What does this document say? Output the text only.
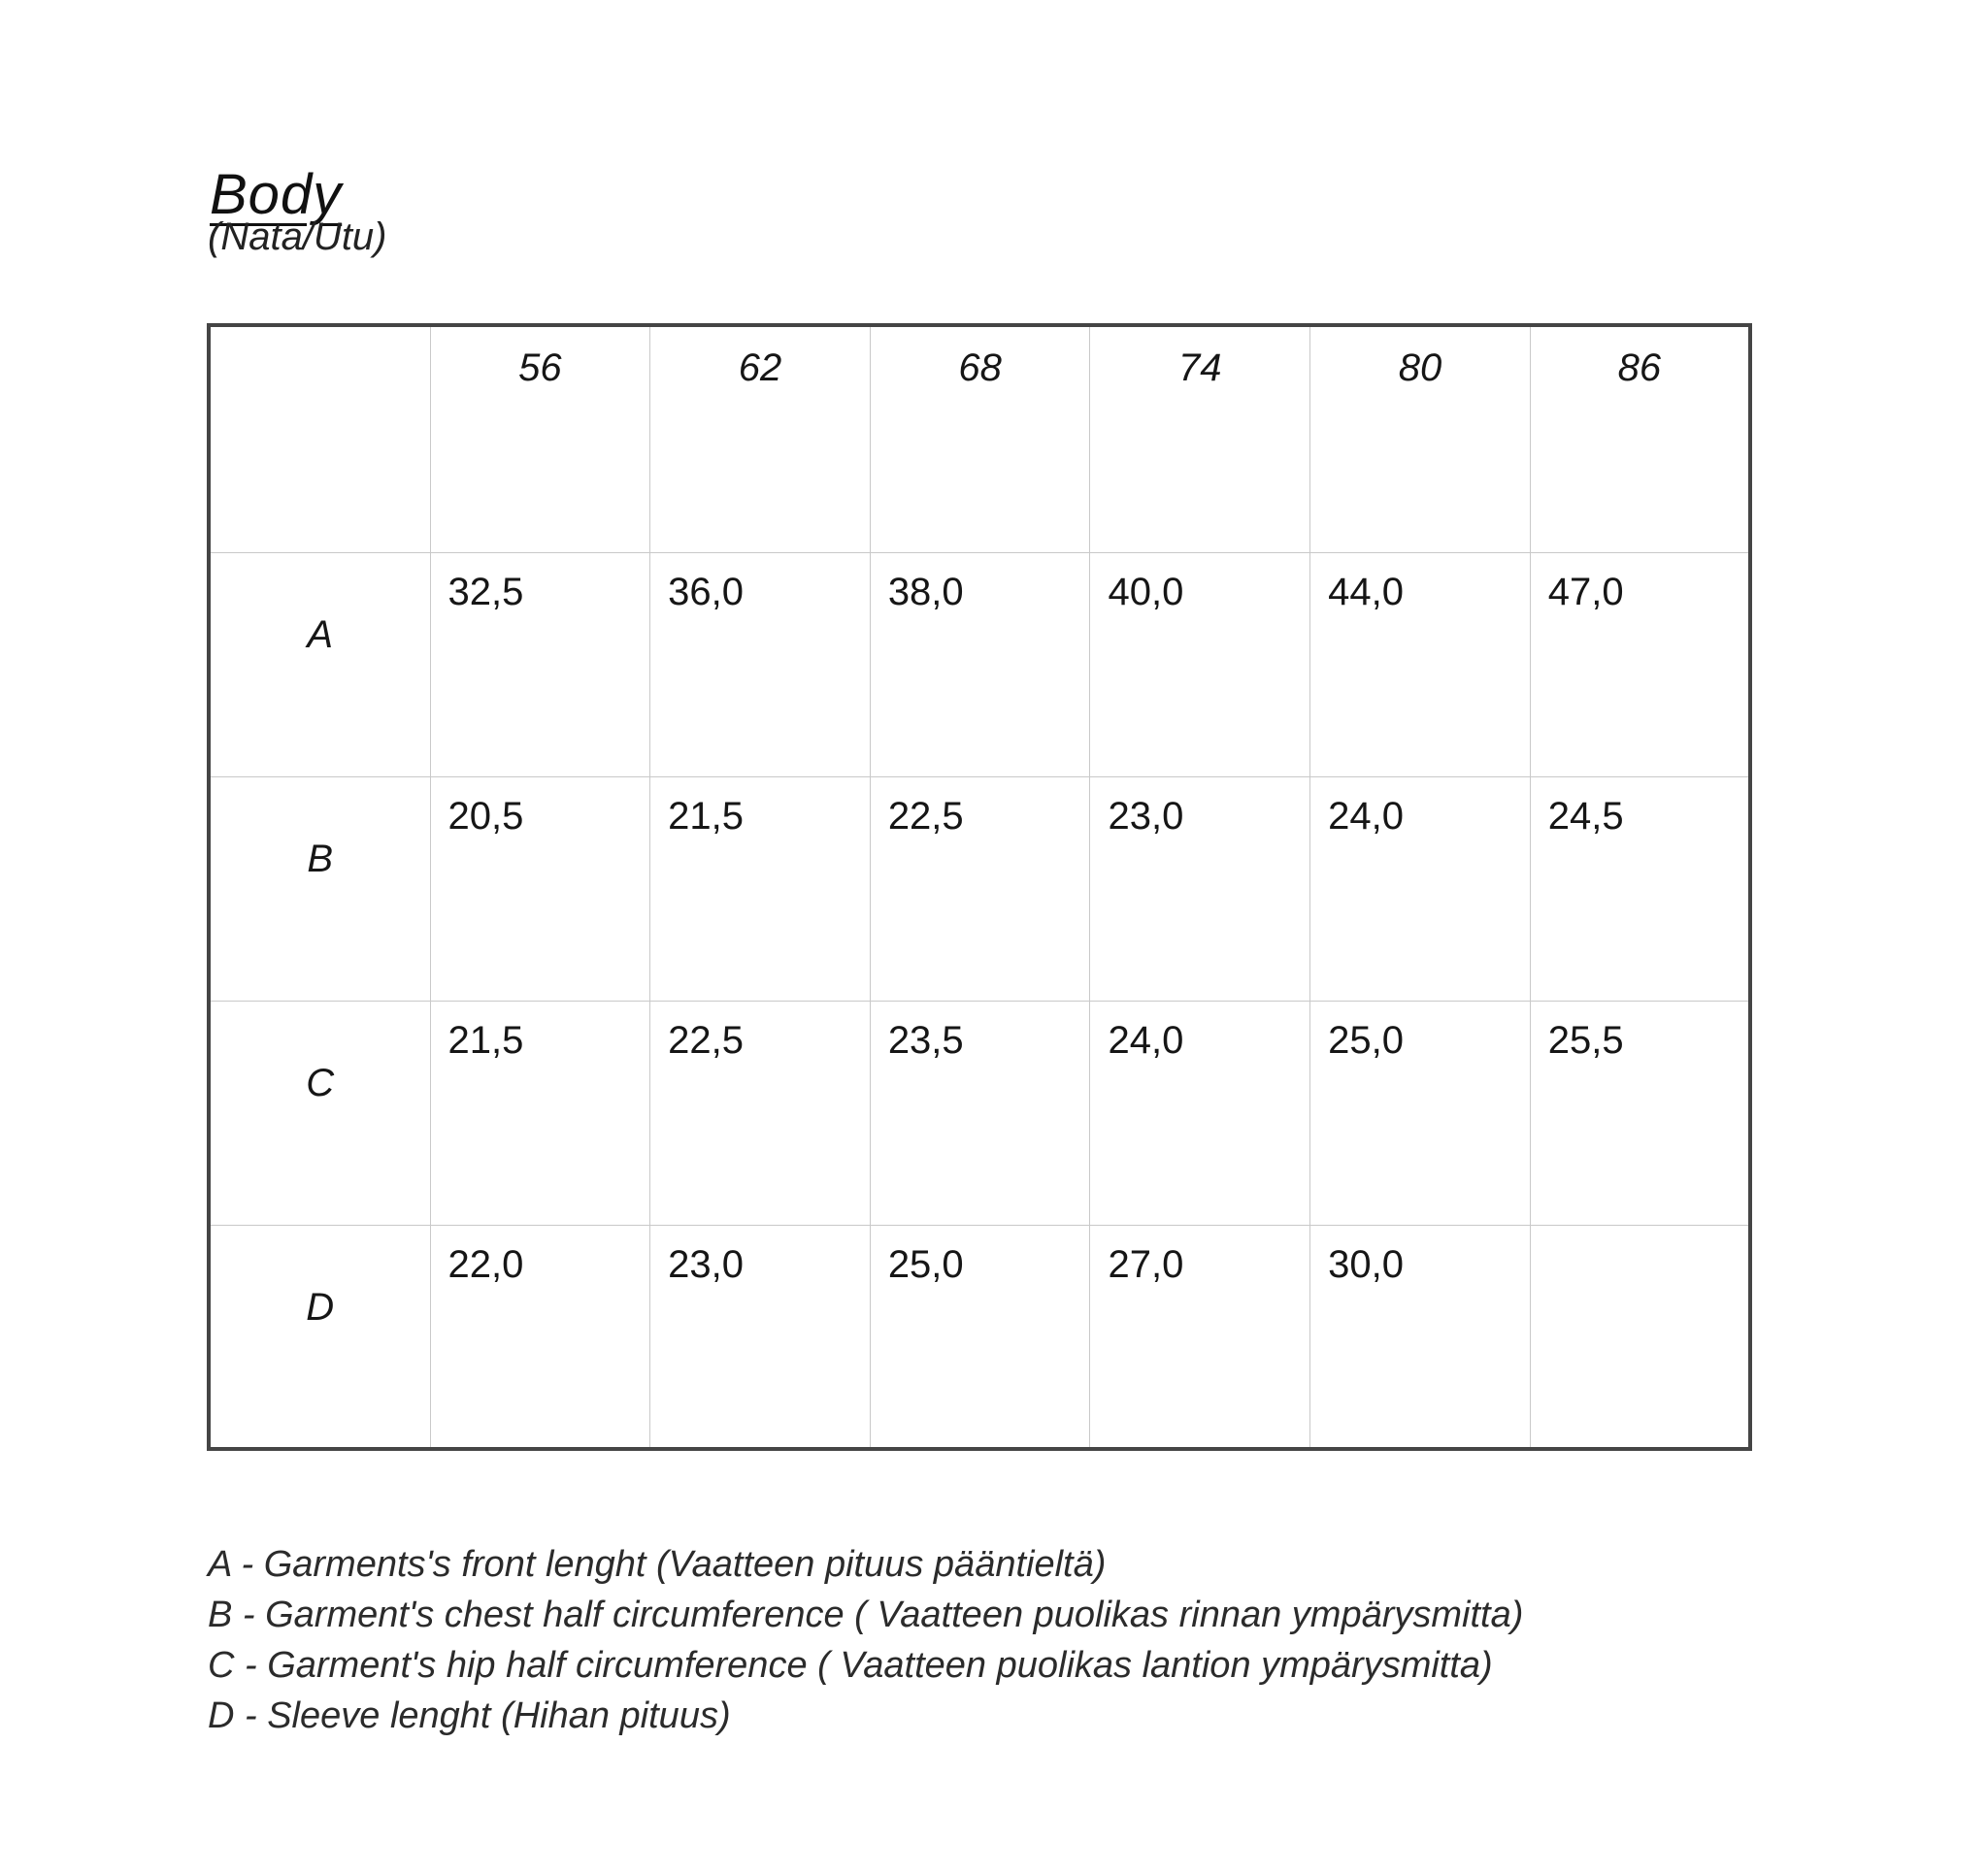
Body
(Nata/Utu)
	56	62	68	74	80	86
A	32,5	36,0	38,0	40,0	44,0	47,0
B	20,5	21,5	22,5	23,0	24,0	24,5
C	21,5	22,5	23,5	24,0	25,0	25,5
D	22,0	23,0	25,0	27,0	30,0	
A - Garments's front lenght (Vaatteen pituus pääntieltä)
B - Garment's chest half circumference ( Vaatteen puolikas rinnan ympärysmitta)
C - Garment's hip half circumference ( Vaatteen puolikas lantion ympärysmitta)
D - Sleeve lenght (Hihan pituus)
